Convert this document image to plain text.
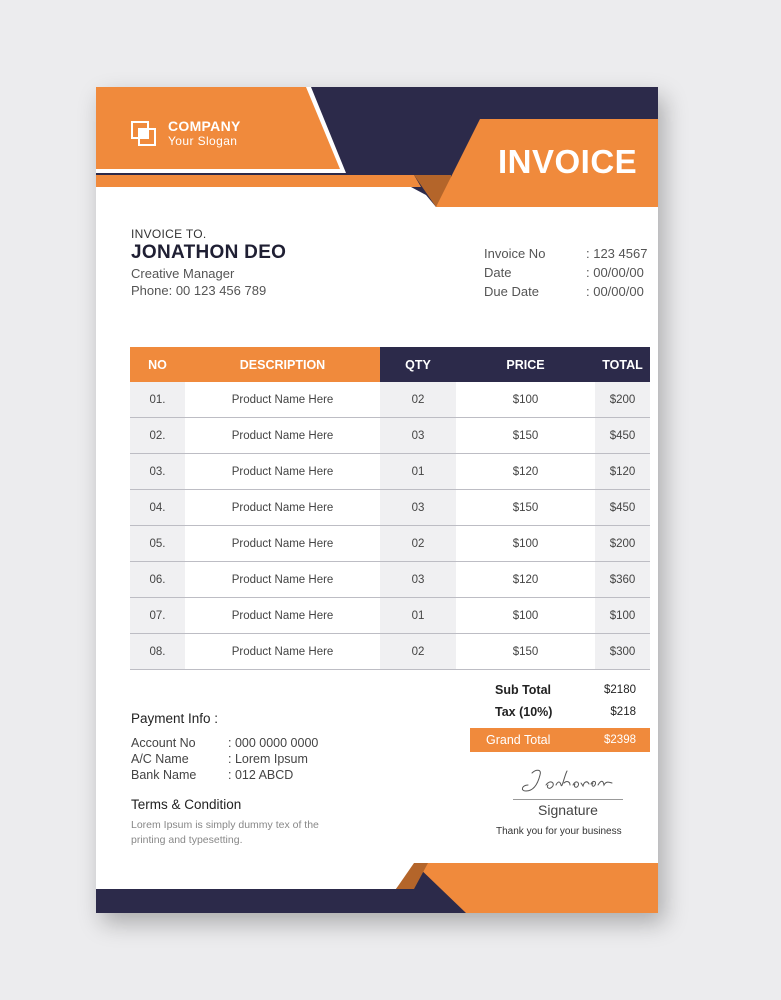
COMPANY
Your Slogan
INVOICE
INVOICE TO.
JONATHON DEO
Creative Manager
Phone: 00 123 456 789
Invoice No	: 123 4567
Date	: 00/00/00
Due Date	: 00/00/00
NO	DESCRIPTION	QTY	PRICE	TOTAL
01.	Product Name Here	02	$100	$200
02.	Product Name Here	03	$150	$450
03.	Product Name Here	01	$120	$120
04.	Product Name Here	03	$150	$450
05.	Product Name Here	02	$100	$200
06.	Product Name Here	03	$120	$360
07.	Product Name Here	01	$100	$100
08.	Product Name Here	02	$150	$300
Sub Total	$2180
Tax (10%)	$218
Grand Total	$2398
Payment Info :
Account No	: 000 0000 0000
A/C Name	: Lorem Ipsum
Bank Name	: 012 ABCD
Terms & Condition
Lorem Ipsum is simply dummy tex of the printing and typesetting.
Signature
Thank you for your business
